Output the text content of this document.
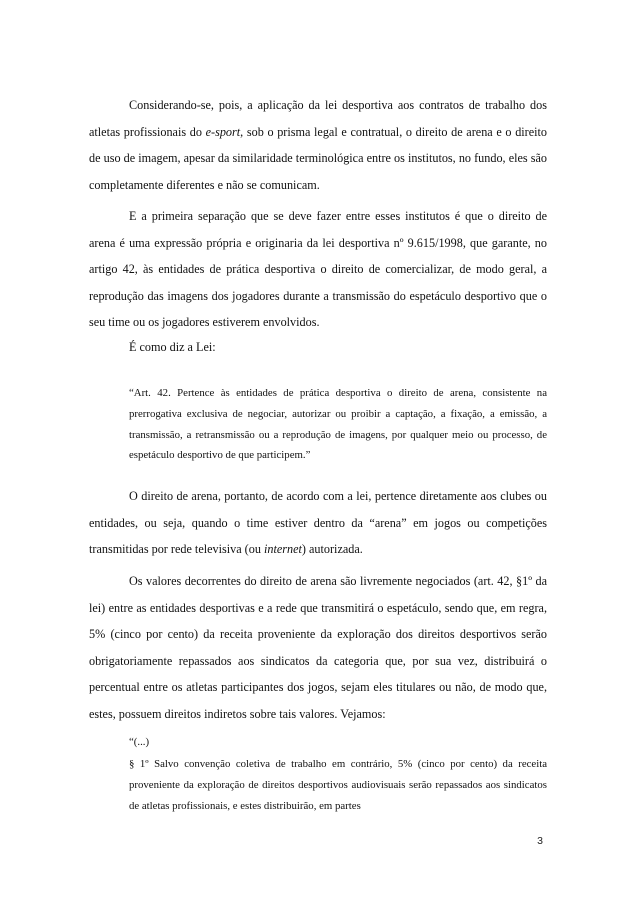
Considerando-se, pois, a aplicação da lei desportiva aos contratos de trabalho dos atletas profissionais do e-sport, sob o prisma legal e contratual, o direito de arena e o direito de uso de imagem, apesar da similaridade terminológica entre os institutos, no fundo, eles são completamente diferentes e não se comunicam.

E a primeira separação que se deve fazer entre esses institutos é que o direito de arena é uma expressão própria e originaria da lei desportiva nº 9.615/1998, que garante, no artigo 42, às entidades de prática desportiva o direito de comercializar, de modo geral, a reprodução das imagens dos jogadores durante a transmissão do espetáculo desportivo que o seu time ou os jogadores estiverem envolvidos.

É como diz a Lei:

“Art. 42. Pertence às entidades de prática desportiva o direito de arena, consistente na prerrogativa exclusiva de negociar, autorizar ou proibir a captação, a fixação, a emissão, a transmissão, a retransmissão ou a reprodução de imagens, por qualquer meio ou processo, de espetáculo desportivo de que participem.”

O direito de arena, portanto, de acordo com a lei, pertence diretamente aos clubes ou entidades, ou seja, quando o time estiver dentro da “arena” em jogos ou competições transmitidas por rede televisiva (ou internet) autorizada.

Os valores decorrentes do direito de arena são livremente negociados (art. 42, §1º da lei) entre as entidades desportivas e a rede que transmitirá o espetáculo, sendo que, em regra, 5% (cinco por cento) da receita proveniente da exploração dos direitos desportivos serão obrigatoriamente repassados aos sindicatos da categoria que, por sua vez, distribuirá o percentual entre os atletas participantes dos jogos, sejam eles titulares ou não, de modo que, estes, possuem direitos indiretos sobre tais valores. Vejamos:

“(...)

§ 1º Salvo convenção coletiva de trabalho em contrário, 5% (cinco por cento) da receita proveniente da exploração de direitos desportivos audiovisuais serão repassados aos sindicatos de atletas profissionais, e estes distribuirão, em partes

3
